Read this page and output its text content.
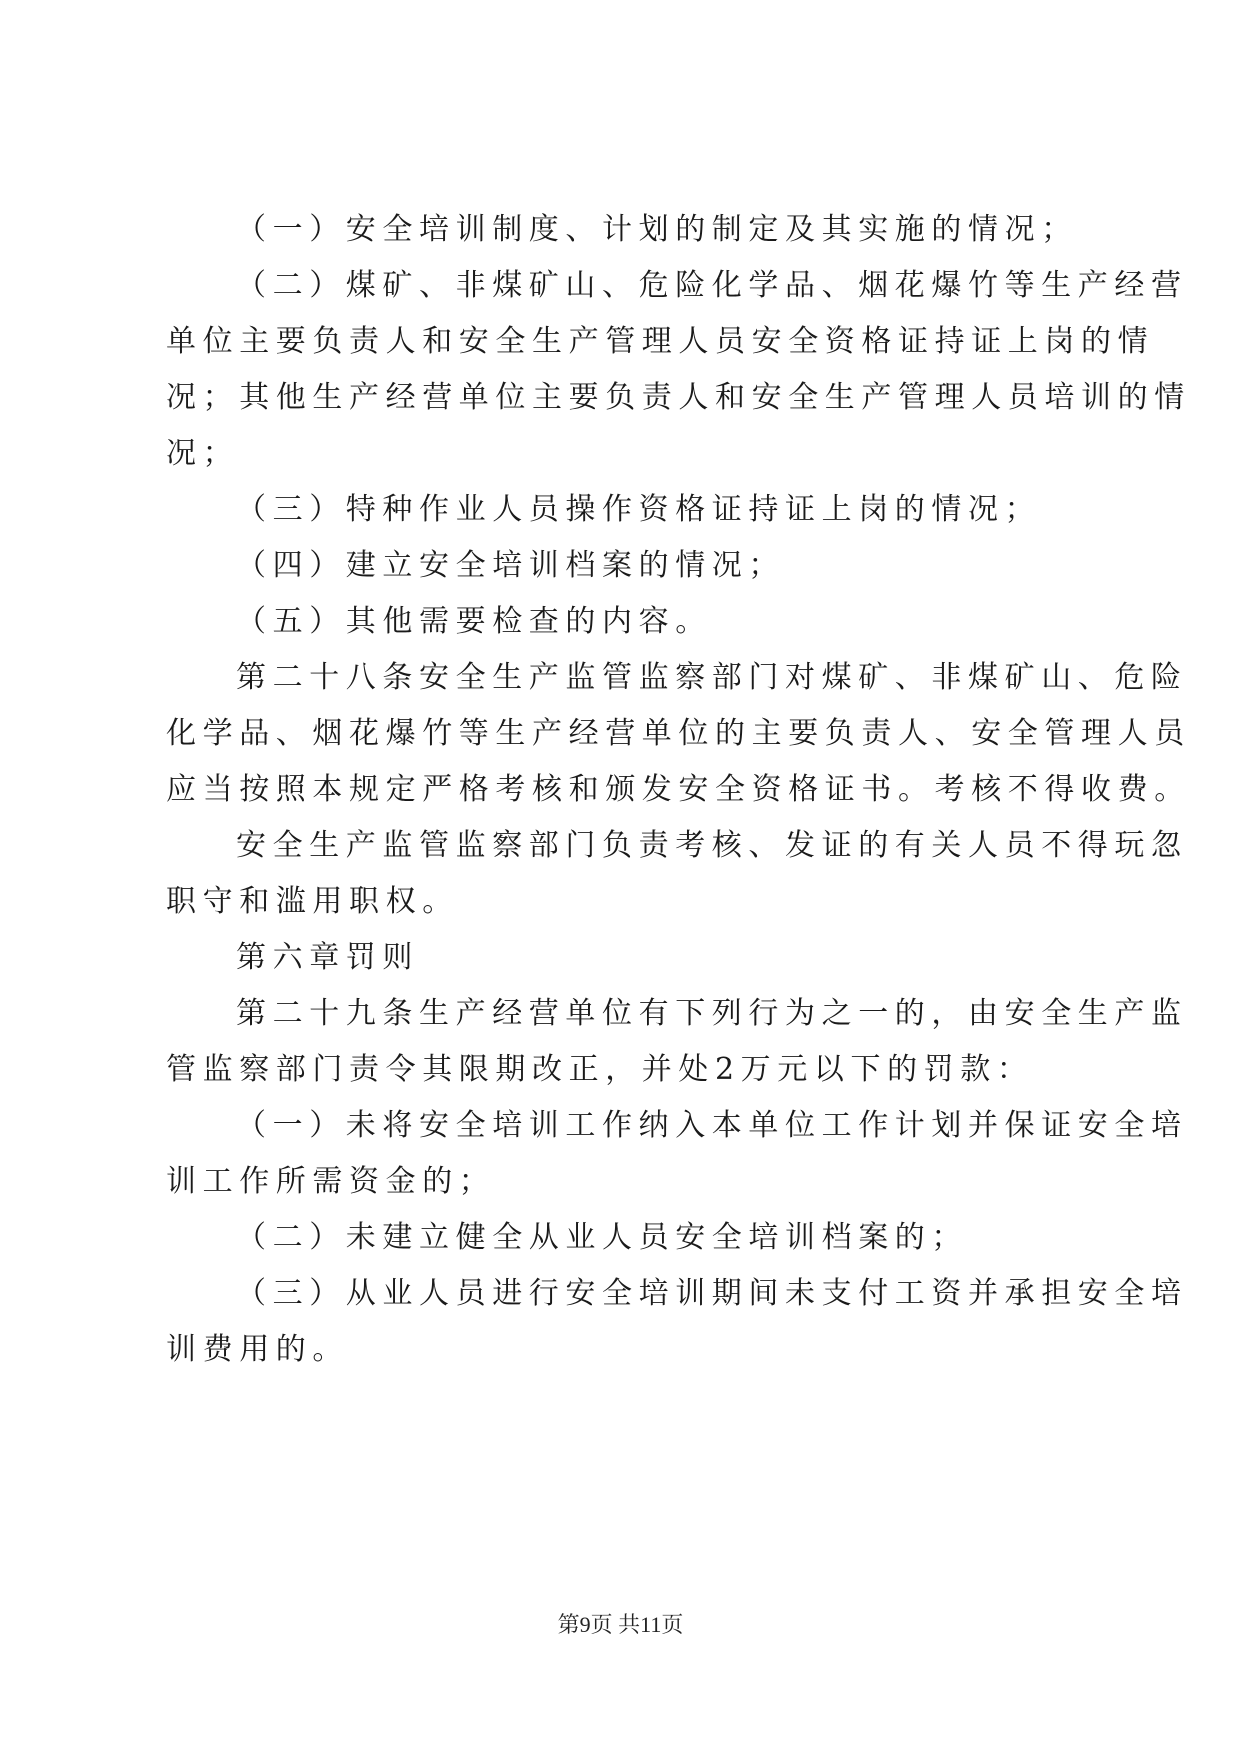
（一）安全培训制度、计划的制定及其实施的情况；
（二）煤矿、非煤矿山、危险化学品、烟花爆竹等生产经营
单位主要负责人和安全生产管理人员安全资格证持证上岗的情
况；其他生产经营单位主要负责人和安全生产管理人员培训的情
况；
（三）特种作业人员操作资格证持证上岗的情况；
（四）建立安全培训档案的情况；
（五）其他需要检查的内容。
第二十八条安全生产监管监察部门对煤矿、非煤矿山、危险
化学品、烟花爆竹等生产经营单位的主要负责人、安全管理人员
应当按照本规定严格考核和颁发安全资格证书。考核不得收费。
安全生产监管监察部门负责考核、发证的有关人员不得玩忽
职守和滥用职权。
第六章罚则
第二十九条生产经营单位有下列行为之一的，由安全生产监
管监察部门责令其限期改正，并处2万元以下的罚款：
（一）未将安全培训工作纳入本单位工作计划并保证安全培
训工作所需资金的；
（二）未建立健全从业人员安全培训档案的；
（三）从业人员进行安全培训期间未支付工资并承担安全培
训费用的。
第9页 共11页
